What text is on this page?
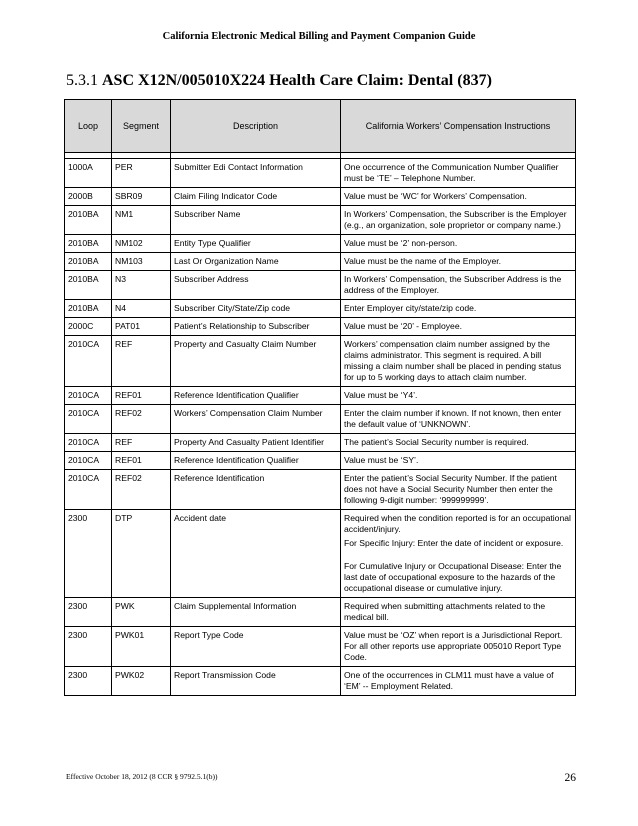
California Electronic Medical Billing and Payment Companion Guide
5.3.1 ASC X12N/005010X224 Health Care Claim: Dental (837)
Loop	Segment	Description	California Workers’ Compensation Instructions

1000A	PER	Submitter Edi Contact Information	One occurrence of the Communication Number Qualifier must be ‘TE’ – Telephone Number.

2000B	SBR09	Claim Filing Indicator Code	Value must be ‘WC’ for Workers’ Compensation.

2010BA	NM1	Subscriber Name	In Workers’ Compensation, the Subscriber is the Employer (e.g., an organization, sole proprietor or company name.)

2010BA	NM102	Entity Type Qualifier	Value must be ‘2’ non-person.

2010BA	NM103	Last Or Organization Name	Value must be the name of the Employer.

2010BA	N3	Subscriber Address	In Workers’ Compensation, the Subscriber Address is the address of the Employer.

2010BA	N4	Subscriber City/State/Zip code	Enter Employer city/state/zip code.

2000C	PAT01	Patient’s Relationship to Subscriber	Value must be ‘20’ - Employee.

2010CA	REF	Property and Casualty Claim Number	Workers’ compensation claim number assigned by the claims administrator. This segment is required. A bill missing a claim number shall be placed in pending status for up to 5 working days to attach claim number.

2010CA	REF01	Reference Identification Qualifier	Value must be ‘Y4’.

2010CA	REF02	Workers’ Compensation Claim Number	Enter the claim number if known. If not known, then enter the default value of ‘UNKNOWN’.

2010CA	REF	Property And Casualty Patient Identifier	The patient’s Social Security number is required.

2010CA	REF01	Reference Identification Qualifier	Value must be ‘SY’.

2010CA	REF02	Reference Identification	Enter the patient’s Social Security Number. If the patient does not have a Social Security Number then enter the following 9-digit number: ‘999999999’.

2300	DTP	Accident date	Required when the condition reported is for an occupational accident/injury.
For Specific Injury: Enter the date of incident or exposure.
For Cumulative Injury or Occupational Disease: Enter the last date of occupational exposure to the hazards of the occupational disease or cumulative injury.

2300	PWK	Claim Supplemental Information	Required when submitting attachments related to the medical bill.

2300	PWK01	Report Type Code	Value must be ‘OZ’ when report is a Jurisdictional Report. For all other reports use appropriate 005010 Report Type Code.

2300	PWK02	Report Transmission Code	One of the occurrences in CLM11 must have a value of ‘EM’ -- Employment Related.
Effective October 18, 2012 (8 CCR § 9792.5.1(b))	26
